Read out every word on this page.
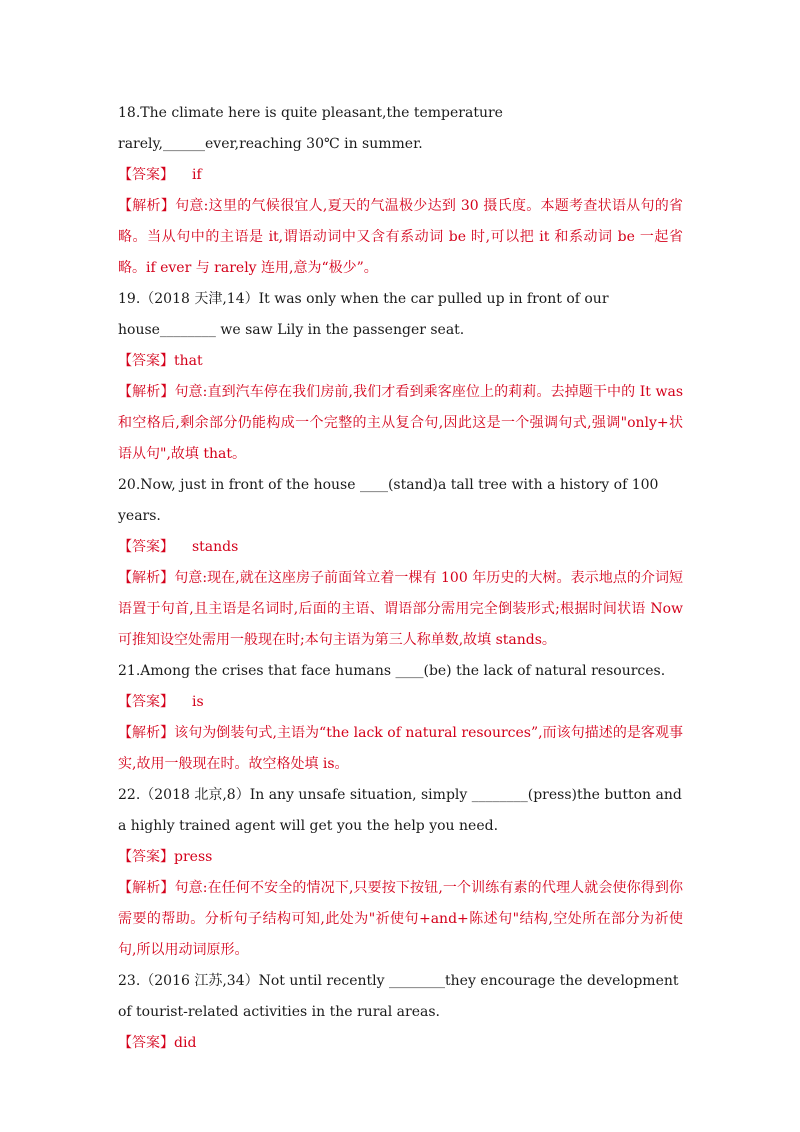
18.The climate here is quite pleasant,the temperature rarely,______ever,reaching 30℃ in summer.

【答案】 if

【解析】句意:这里的气候很宜人,夏天的气温极少达到 30 摄氏度。本题考查状语从句的省略。当从句中的主语是 it,谓语动词中又含有系动词 be 时,可以把 it 和系动词 be 一起省略。if ever 与 rarely 连用,意为“极少”。

19.（2018 天津,14）It was only when the car pulled up in front of our house________ we saw Lily in the passenger seat.

【答案】that

【解析】句意:直到汽车停在我们房前,我们才看到乘客座位上的莉莉。去掉题干中的 It was 和空格后,剩余部分仍能构成一个完整的主从复合句,因此这是一个强调句式,强调"only+状语从句",故填 that。

20.Now, just in front of the house ____(stand)a tall tree with a history of 100 years.

【答案】 stands

【解析】句意:现在,就在这座房子前面耸立着一棵有 100 年历史的大树。表示地点的介词短语置于句首,且主语是名词时,后面的主语、谓语部分需用完全倒装形式;根据时间状语 Now 可推知设空处需用一般现在时;本句主语为第三人称单数,故填 stands。

21.Among the crises that face humans ____(be) the lack of natural resources.

【答案】 is

【解析】该句为倒装句式,主语为“the lack of natural resources”,而该句描述的是客观事实,故用一般现在时。故空格处填 is。

22.（2018 北京,8）In any unsafe situation, simply ________(press)the button and a highly trained agent will get you the help you need.

【答案】press

【解析】句意:在任何不安全的情况下,只要按下按钮,一个训练有素的代理人就会使你得到你需要的帮助。分析句子结构可知,此处为"祈使句+and+陈述句"结构,空处所在部分为祈使句,所以用动词原形。

23.（2016 江苏,34）Not until recently ________they encourage the development of tourist-related activities in the rural areas.

【答案】did
